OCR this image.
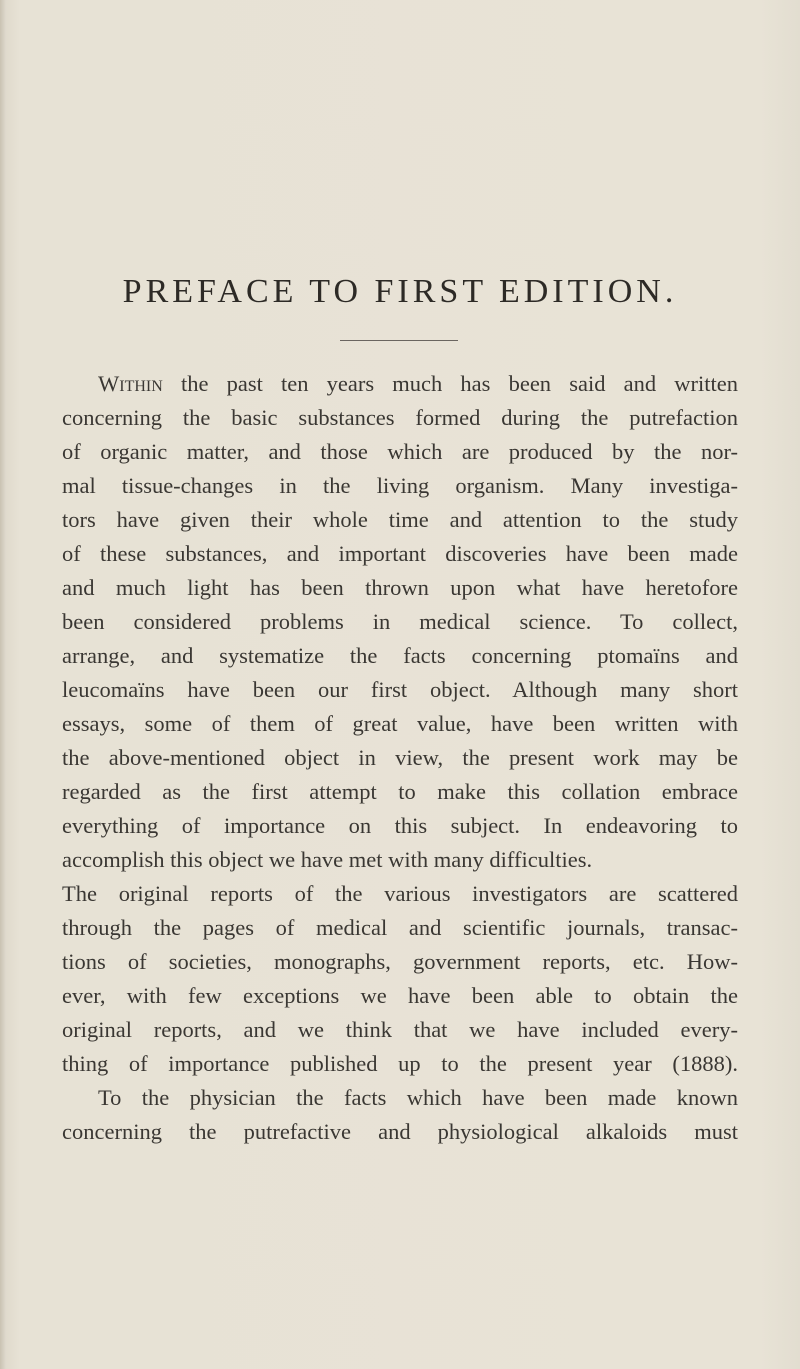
PREFACE TO FIRST EDITION.
Within the past ten years much has been said and written
concerning the basic substances formed during the putrefaction
of organic matter, and those which are produced by the nor-
mal tissue-changes in the living organism. Many investiga-
tors have given their whole time and attention to the study
of these substances, and important discoveries have been made
and much light has been thrown upon what have heretofore
been considered problems in medical science. To collect,
arrange, and systematize the facts concerning ptomaïns and
leucomaïns have been our first object. Although many short
essays, some of them of great value, have been written with
the above-mentioned object in view, the present work may be
regarded as the first attempt to make this collation embrace
everything of importance on this subject. In endeavoring to
accomplish this object we have met with many difficulties.
The original reports of the various investigators are scattered
through the pages of medical and scientific journals, transac-
tions of societies, monographs, government reports, etc. How-
ever, with few exceptions we have been able to obtain the
original reports, and we think that we have included every-
thing of importance published up to the present year (1888).
To the physician the facts which have been made known
concerning the putrefactive and physiological alkaloids must
